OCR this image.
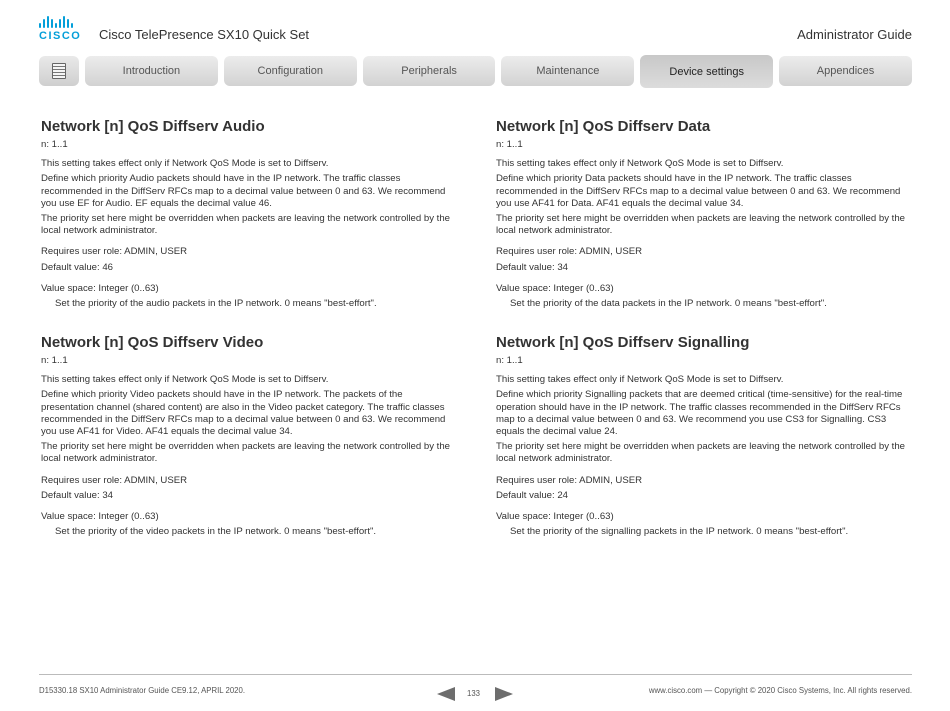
CISCO Cisco TelePresence SX10 Quick Set	Administrator Guide
Introduction	Configuration	Peripherals	Maintenance	Device settings	Appendices
Network [n] QoS Diffserv Audio
n: 1..1

This setting takes effect only if Network QoS Mode is set to Diffserv.

Define which priority Audio packets should have in the IP network. The traffic classes recommended in the DiffServ RFCs map to a decimal value between 0 and 63. We recommend you use EF for Audio. EF equals the decimal value 46.

The priority set here might be overridden when packets are leaving the network controlled by the local network administrator.

Requires user role: ADMIN, USER

Default value: 46

Value space: Integer (0..63)

Set the priority of the audio packets in the IP network. 0 means "best-effort".

Network [n] QoS Diffserv Data
n: 1..1

This setting takes effect only if Network QoS Mode is set to Diffserv.

Define which priority Data packets should have in the IP network. The traffic classes recommended in the DiffServ RFCs map to a decimal value between 0 and 63. We recommend you use AF41 for Data. AF41 equals the decimal value 34.

The priority set here might be overridden when packets are leaving the network controlled by the local network administrator.

Requires user role: ADMIN, USER

Default value: 34

Value space: Integer (0..63)

Set the priority of the data packets in the IP network. 0 means "best-effort".

Network [n] QoS Diffserv Video
n: 1..1

This setting takes effect only if Network QoS Mode is set to Diffserv.

Define which priority Video packets should have in the IP network. The packets of the presentation channel (shared content) are also in the Video packet category. The traffic classes recommended in the DiffServ RFCs map to a decimal value between 0 and 63. We recommend you use AF41 for Video. AF41 equals the decimal value 34.

The priority set here might be overridden when packets are leaving the network controlled by the local network administrator.

Requires user role: ADMIN, USER

Default value: 34

Value space: Integer (0..63)

Set the priority of the video packets in the IP network. 0 means "best-effort".

Network [n] QoS Diffserv Signalling
n: 1..1

This setting takes effect only if Network QoS Mode is set to Diffserv.

Define which priority Signalling packets that are deemed critical (time-sensitive) for the real-time operation should have in the IP network. The traffic classes recommended in the DiffServ RFCs map to a decimal value between 0 and 63. We recommend you use CS3 for Signalling. CS3 equals the decimal value 24.

The priority set here might be overridden when packets are leaving the network controlled by the local network administrator.

Requires user role: ADMIN, USER

Default value: 24

Value space: Integer (0..63)

Set the priority of the signalling packets in the IP network. 0 means "best-effort".

D15330.18 SX10 Administrator Guide CE9.12, APRIL 2020.	133	www.cisco.com — Copyright © 2020 Cisco Systems, Inc. All rights reserved.
